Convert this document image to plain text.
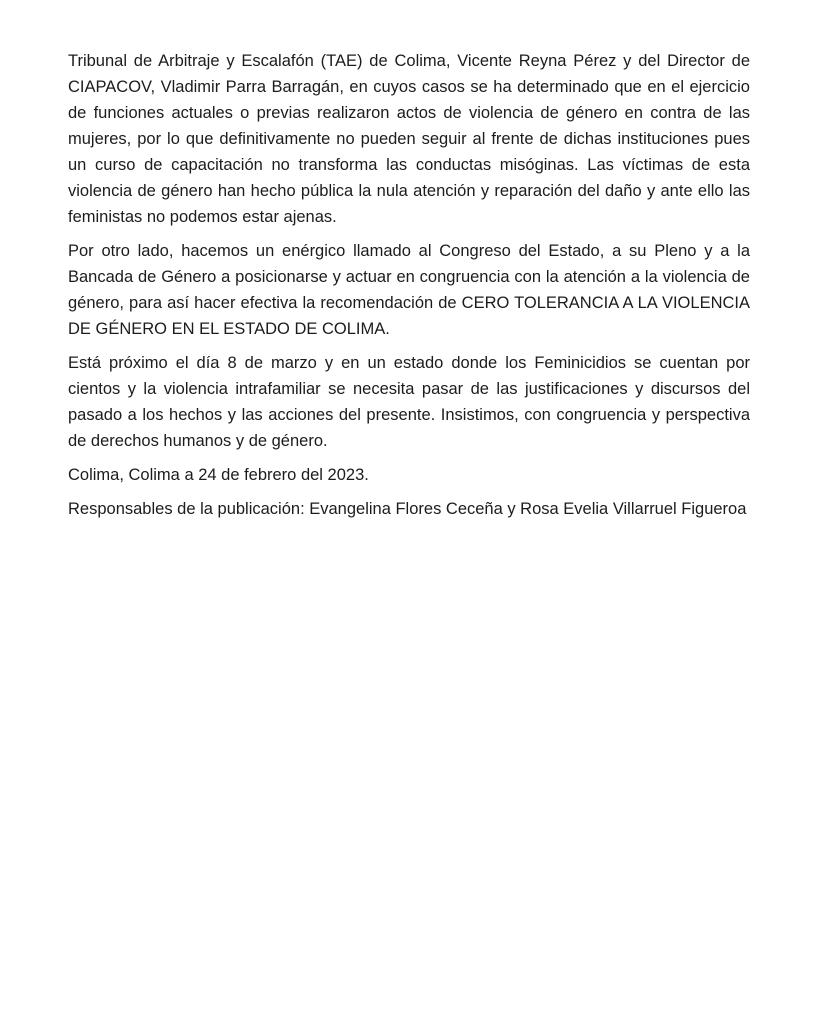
Tribunal de Arbitraje y Escalafón (TAE) de Colima, Vicente Reyna Pérez y del Director de CIAPACOV, Vladimir Parra Barragán, en cuyos casos se ha determinado que en el ejercicio de funciones actuales o previas realizaron actos de violencia de género en contra de las mujeres, por lo que definitivamente no pueden seguir al frente de dichas instituciones pues un curso de capacitación no transforma las conductas misóginas. Las víctimas de esta violencia de género han hecho pública la nula atención y reparación del daño y ante ello las feministas no podemos estar ajenas.

Por otro lado, hacemos un enérgico llamado al Congreso del Estado, a su Pleno y a la Bancada de Género a posicionarse y actuar en congruencia con la atención a la violencia de género, para así hacer efectiva la recomendación de CERO TOLERANCIA A LA VIOLENCIA DE GÉNERO EN EL ESTADO DE COLIMA.

Está próximo el día 8 de marzo y en un estado donde los Feminicidios se cuentan por cientos y la violencia intrafamiliar se necesita pasar de las justificaciones y discursos del pasado a los hechos y las acciones del presente. Insistimos, con congruencia y perspectiva de derechos humanos y de género.

Colima, Colima a 24 de febrero del 2023.

Responsables de la publicación: Evangelina Flores Ceceña y Rosa Evelia Villarruel Figueroa
